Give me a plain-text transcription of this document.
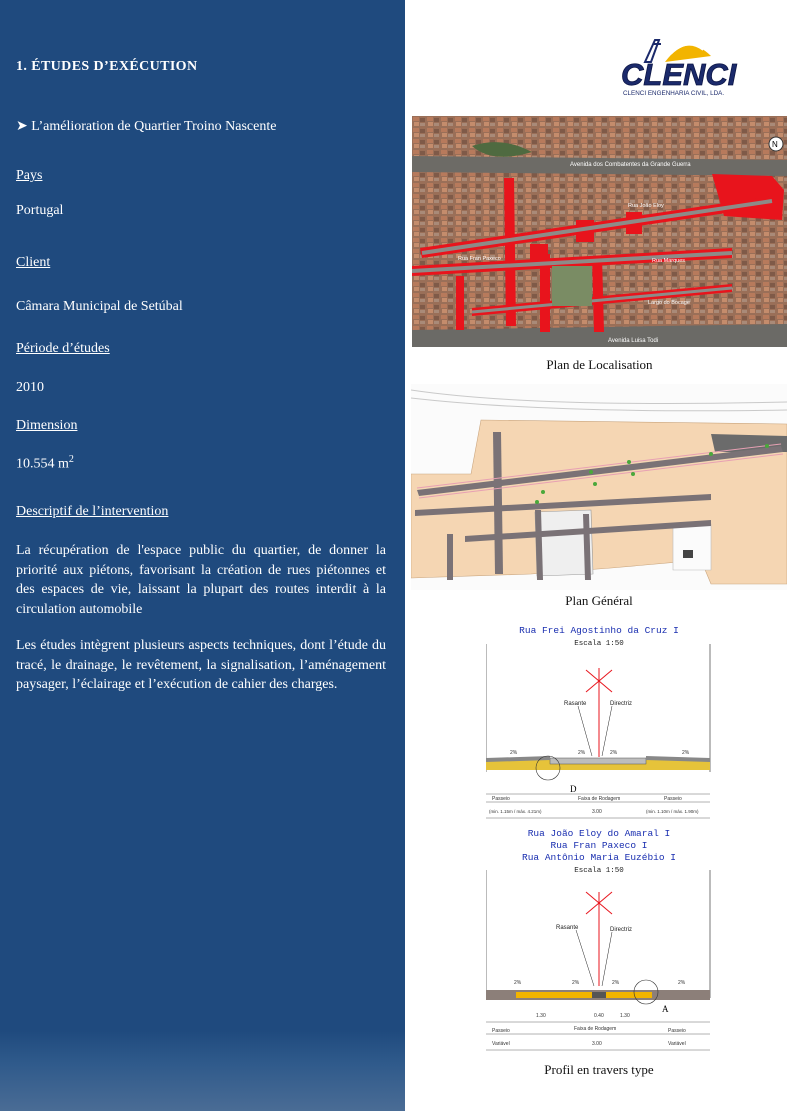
1. ÉTUDES D’EXÉCUTION
➤ L’amélioration de Quartier Troino Nascente
Pays
Portugal
Client
Câmara Municipal de Setúbal
Période d’études
2010
Dimension
10.554 $m^2$
Descriptif de l’intervention
La récupération de l'espace public du quartier, de donner la priorité aux piétons, favorisant la création de rues piétonnes et des espaces de vie, laissant la plupart des routes interdit à la circulation automobile
Les études intègrent plusieurs aspects techniques, dont l’étude du tracé, le drainage, le revêtement, la signalisation, l’aménagement paysager, l’éclairage et l’exécution de cahier des charges.
CLENCI
CLENCI ENGENHARIA CIVIL, LDA.
Avenida dos Combatentes da Grande Guerra
Avenida Luisa Todi
Rua Fran Paxeco
Rua João Eloy
Rua Marques
Largo do Bocage
N
Plan de Localisation
Plan Général
Rua Frei Agostinho da Cruz I
Escala 1:50
Rasante	Directriz
D
Passeio	Faixa de Rodagem	Passeio
(min. 1.15m / máx. 4.21m)	3.00	(min. 1.10m / máx. 1.90m)
2%	2%	2%	2%
Rua João Eloy do Amaral I
Rua Fran Paxeco I
Rua Antônio Maria Euzébio I
Escala 1:50
Rasante	Directriz
A
1.30	0.40	1.30
Passeio	Faixa de Rodagem	Passeio
Variável	3.00	Variável
2%	2%	2%	2%
Profil en travers type
